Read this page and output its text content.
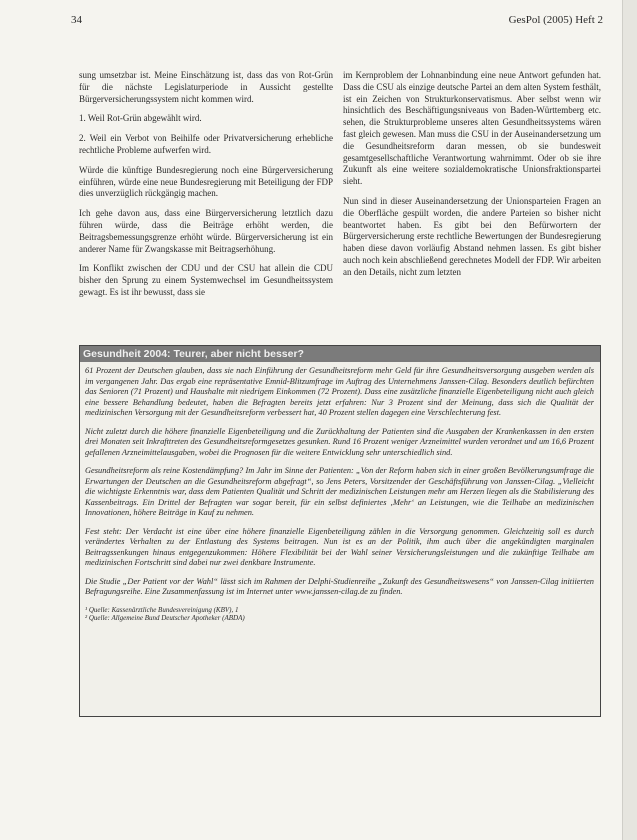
34	GesPol (2005) Heft 2

sung umsetzbar ist. Meine Einschätzung ist, dass das von Rot-Grün für die nächste Legislaturperiode in Aussicht gestellte Bürgerversicherungssystem nicht kommen wird.

1. Weil Rot-Grün abgewählt wird.

2. Weil ein Verbot von Beihilfe oder Privatversicherung erhebliche rechtliche Probleme aufwerfen wird.

Würde die künftige Bundesregierung noch eine Bürgerversicherung einführen, würde eine neue Bundesregierung mit Beteiligung der FDP dies unverzüglich rückgängig machen.

Ich gehe davon aus, dass eine Bürgerversicherung letztlich dazu führen würde, dass die Beiträge erhöht werden, die Beitragsbemessungsgrenze erhöht würde. Bürgerversicherung ist ein anderer Name für Zwangskasse mit Beitragserhöhung.

Im Konflikt zwischen der CDU und der CSU hat allein die CDU bisher den Sprung zu einem Systemwechsel im Gesundheitssystem gewagt. Es ist ihr bewusst, dass sie

im Kernproblem der Lohnanbindung eine neue Antwort gefunden hat. Dass die CSU als einzige deutsche Partei an dem alten System festhält, ist ein Zeichen von Strukturkonservatismus. Aber selbst wenn wir hinsichtlich des Beschäftigungsniveaus von Baden-Württemberg etc. sehen, die Strukturprobleme unseres alten Gesundheitssystems wären fast gleich gewesen. Man muss die CSU in der Auseinandersetzung um die Gesundheitsreform daran messen, ob sie bundesweit gesamtgesellschaftliche Verantwortung wahrnimmt. Oder ob sie ihre Zukunft als eine weitere sozialdemokratische Unionsfraktionspartei sieht.

Nun sind in dieser Auseinandersetzung der Unionsparteien Fragen an die Oberfläche gespült worden, die andere Parteien so bisher nicht beantwortet haben. Es gibt bei den Befürwortern der Bürgerversicherung erste rechtliche Bewertungen der Bundesregierung haben diese davon vorläufig Abstand nehmen lassen. Es gibt bisher auch noch kein abschließend gerechnetes Modell der FDP. Wir arbeiten an den Details, nicht zum letzten

Gesundheit 2004: Teurer, aber nicht besser?

61 Prozent der Deutschen glauben, dass sie nach Einführung der Gesundheitsreform mehr Geld für ihre Gesundheitsversorgung ausgeben werden als im vergangenen Jahr. Das ergab eine repräsentative Emnid-Blitzumfrage im Auftrag des Unternehmens Janssen-Cilag. Besonders deutlich befürchten das Senioren (71 Prozent) und Haushalte mit niedrigem Einkommen (72 Prozent). Dass eine zusätzliche finanzielle Eigenbeteiligung nicht auch gleich eine bessere Behandlung bedeutet, haben die Befragten bereits jetzt erfahren: Nur 3 Prozent sind der Meinung, dass sich die Qualität der medizinischen Versorgung mit der Gesundheitsreform verbessert hat, 40 Prozent stellen dagegen eine Verschlechterung fest.

Nicht zuletzt durch die höhere finanzielle Eigenbeteiligung und die Zurückhaltung der Patienten sind die Ausgaben der Krankenkassen in den ersten drei Monaten seit Inkrafttreten des Gesundheitsreformgesetzes gesunken. Rund 16 Prozent weniger Arzneimittel wurden verordnet und um 16,6 Prozent gefallenen Arzneimittelausgaben, wobei die Prognosen für die weitere Entwicklung sehr unterschiedlich sind.

Gesundheitsreform als reine Kostendämpfung? Im Jahr im Sinne der Patienten: „Von der Reform haben sich in einer großen Bevölkerungsumfrage die Erwartungen der Deutschen an die Gesundheitsreform abgefragt“, so Jens Peters, Vorsitzender der Geschäftsführung von Janssen-Cilag. „Vielleicht die wichtigste Erkenntnis war, dass dem Patienten Qualität und Schritt der medizinischen Leistungen mehr am Herzen liegen als die Stabilisierung des Kassenbeitrags. Ein Drittel der Befragten war sogar bereit, für ein selbst definiertes ‚Mehr‘ an Leistungen, wie die Teilhabe an medizinischen Innovationen, höhere Beiträge in Kauf zu nehmen.

Fest steht: Der Verdacht ist eine über eine höhere finanzielle Eigenbeteiligung zählen in die Versorgung genommen. Gleichzeitig soll es durch verändertes Verhalten zu der Entlastung des Systems beitragen. Nun ist es an der Politik, ihm auch über die angekündigten marginalen Beitragssenkungen hinaus entgegenzukommen: Höhere Flexibilität bei der Wahl seiner Versicherungsleistungen und die zukünftige Teilhabe am medizinischen Fortschritt sind dabei nur zwei denkbare Instrumente.

Die Studie „Der Patient vor der Wahl“ lässt sich im Rahmen der Delphi-Studienreihe „Zukunft des Gesundheitswesens“ von Janssen-Cilag initiierten Befragungsreihe. Eine Zusammenfassung ist im Internet unter www.janssen-cilag.de zu finden.

¹ Quelle: Kassenärztliche Bundesvereinigung (KBV), 1

² Quelle: Allgemeine Bund Deutscher Apotheker (ABDA)
